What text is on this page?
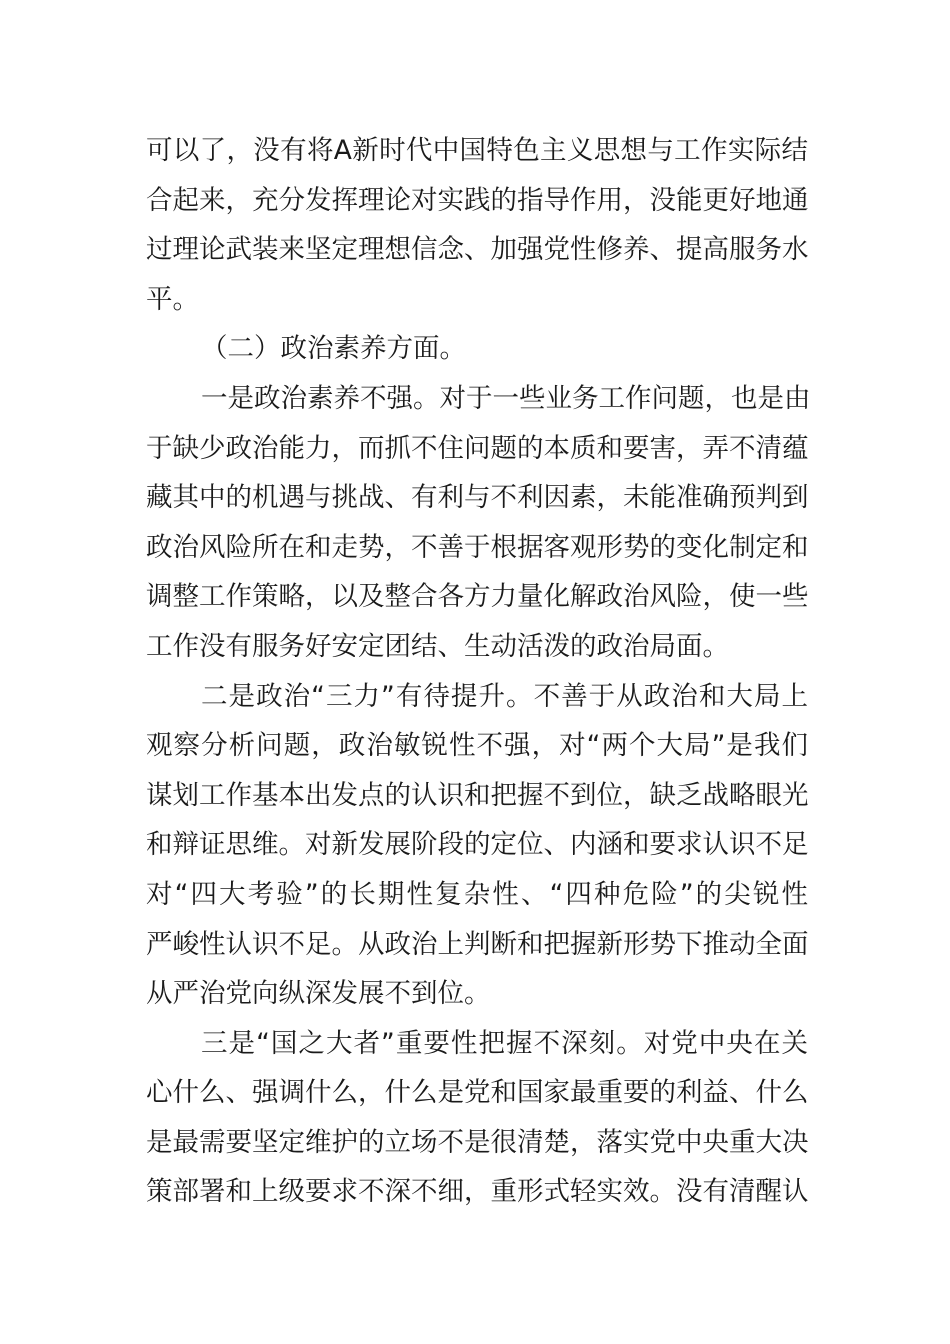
可以了，没有将A新时代中国特色主义思想与工作实际结
合起来，充分发挥理论对实践的指导作用，没能更好地通
过理论武装来坚定理想信念、加强党性修养、提高服务水
平。
（二）政治素养方面。
一是政治素养不强。对于一些业务工作问题，也是由
于缺少政治能力，而抓不住问题的本质和要害，弄不清蕴
藏其中的机遇与挑战、有利与不利因素，未能准确预判到
政治风险所在和走势，不善于根据客观形势的变化制定和
调整工作策略，以及整合各方力量化解政治风险，使一些
工作没有服务好安定团结、生动活泼的政治局面。
二是政治“三力”有待提升。不善于从政治和大局上
观察分析问题，政治敏锐性不强，对“两个大局”是我们
谋划工作基本出发点的认识和把握不到位，缺乏战略眼光
和辩证思维。对新发展阶段的定位、内涵和要求认识不足
对“四大考验”的长期性复杂性、“四种危险”的尖锐性
严峻性认识不足。从政治上判断和把握新形势下推动全面
从严治党向纵深发展不到位。
三是“国之大者”重要性把握不深刻。对党中央在关
心什么、强调什么，什么是党和国家最重要的利益、什么
是最需要坚定维护的立场不是很清楚，落实党中央重大决
策部署和上级要求不深不细，重形式轻实效。没有清醒认
